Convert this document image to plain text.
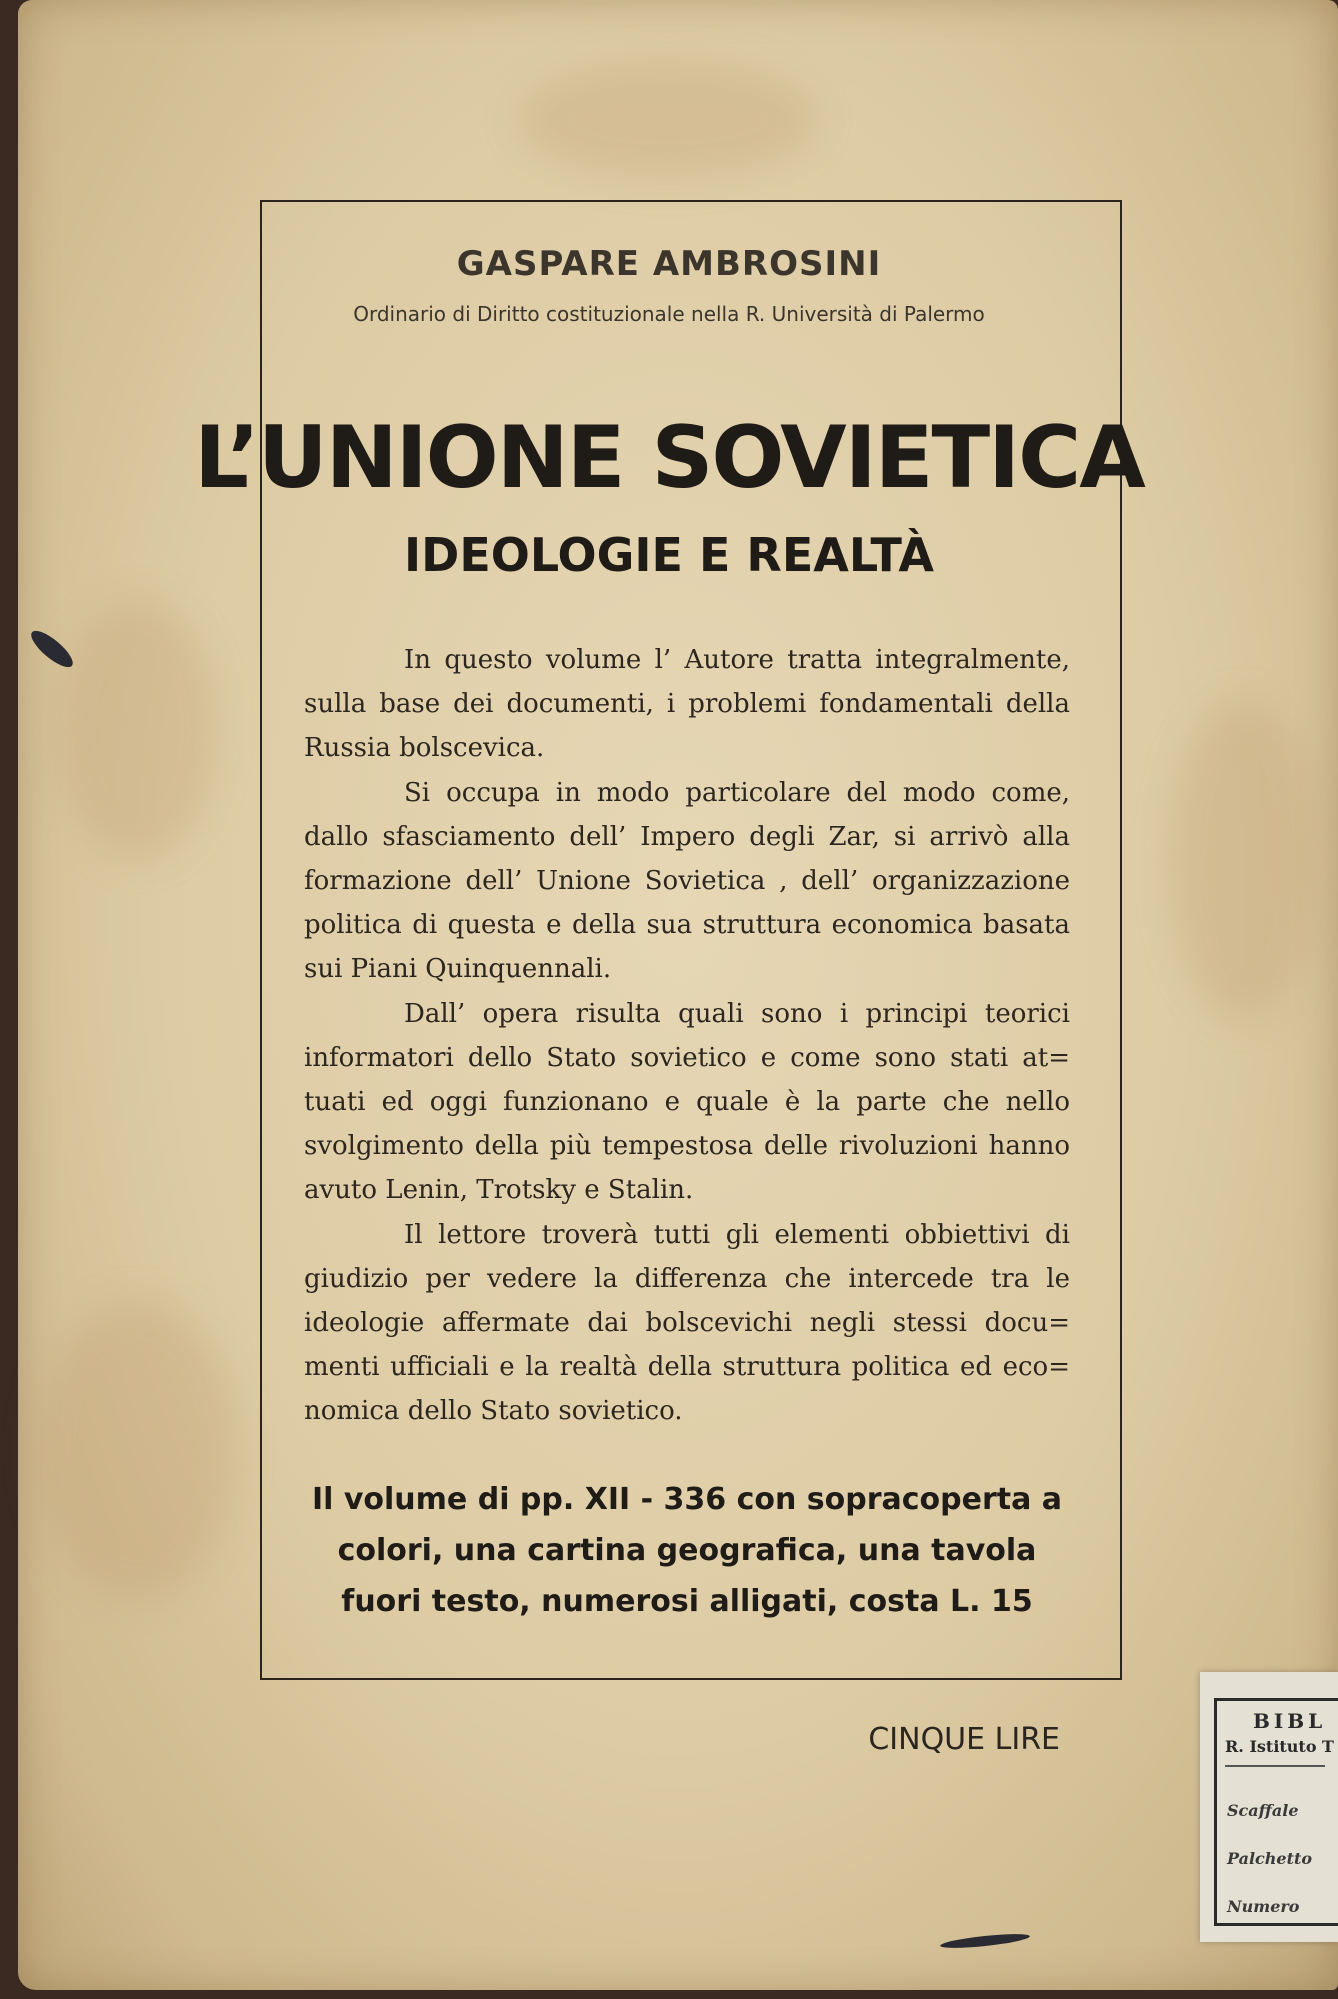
GASPARE AMBROSINI
Ordinario di Diritto costituzionale nella R. Università di Palermo
L’UNIONE SOVIETICA
IDEOLOGIE E REALTÀ

In questo volume l’ Autore tratta integralmente, sulla base dei documenti, i problemi fondamentali della Russia bolscevica.

Si occupa in modo particolare del modo come, dallo sfasciamento dell’ Impero degli Zar, si arrivò alla formazione dell’ Unione Sovietica , dell’ organizzazione politica di questa e della sua struttura economica basata sui Piani Quinquennali.

Dall’ opera risulta quali sono i principi teorici informatori dello Stato sovietico e come sono stati at= tuati ed oggi funzionano e quale è la parte che nello svolgimento della più tempestosa delle rivoluzioni hanno avuto Lenin, Trotsky e Stalin.

Il lettore troverà tutti gli elementi obbiettivi di giudizio per vedere la differenza che intercede tra le ideologie affermate dai bolscevichi negli stessi docu= menti ufficiali e la realtà della struttura politica ed eco= nomica dello Stato sovietico.

Il volume di pp. XII - 336 con sopracoperta a colori, una cartina geografica, una tavola fuori testo, numerosi alligati, costa L. 15
CINQUE LIRE
BIBL
R. Istituto T
Scaffale
Palchetto
Numero
